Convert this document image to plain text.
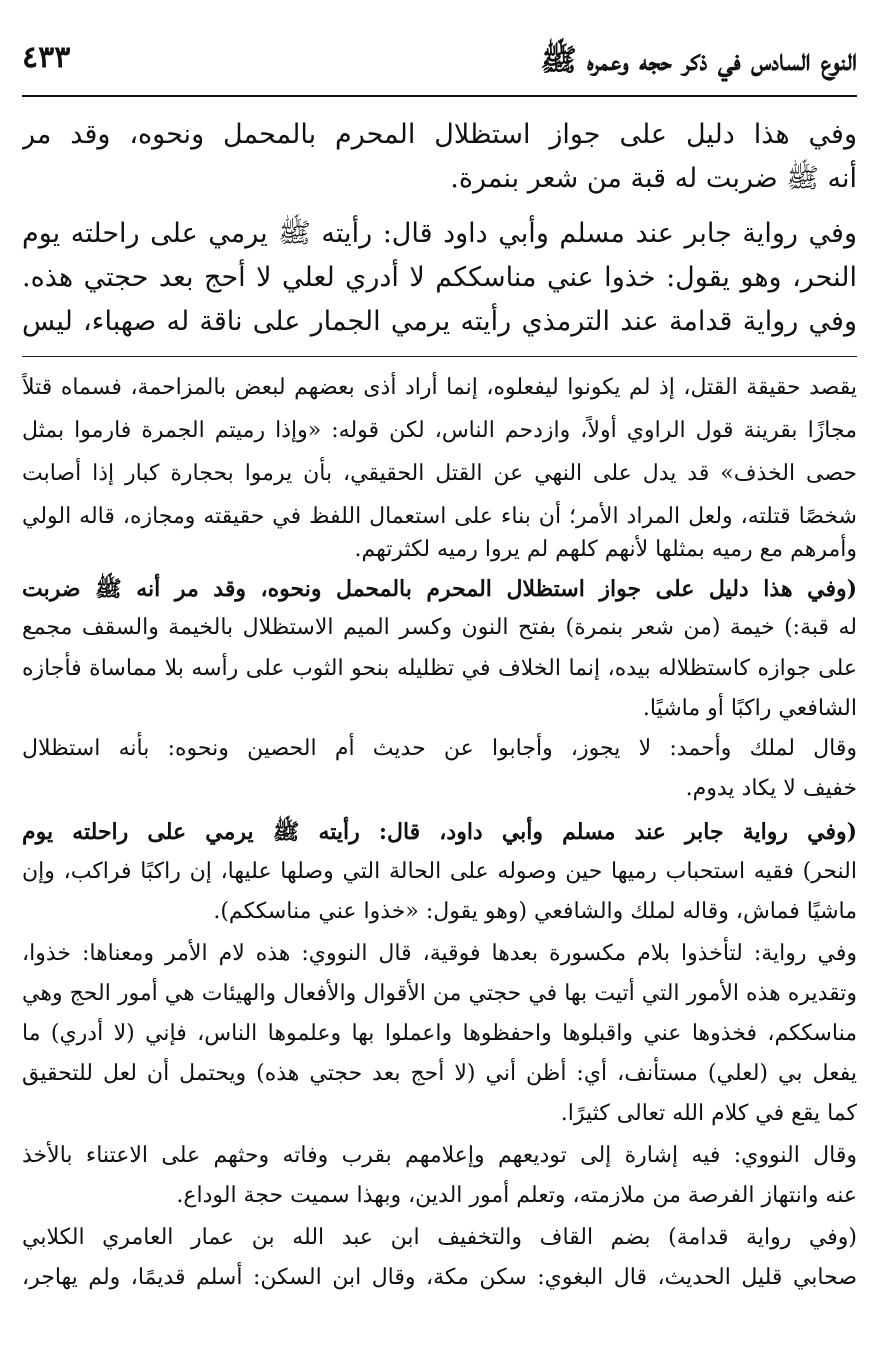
النوع السادس في ذكر حجه وعمره ﷺ
٤٣٣
وفي هذا دليل على جواز استظلال المحرم بالمحمل ونحوه، وقد مر
أنه ﷺ ضربت له قبة من شعر بنمرة.
وفي رواية جابر عند مسلم وأبي داود قال: رأيته ﷺ يرمي على راحلته يوم
النحر، وهو يقول: خذوا عني مناسككم لا أدري لعلي لا أحج بعد حجتي هذه.
وفي رواية قدامة عند الترمذي رأيته يرمي الجمار على ناقة له صهباء، ليس
يقصد حقيقة القتل، إذ لم يكونوا ليفعلوه، إنما أراد أذى بعضهم لبعض بالمزاحمة، فسماه قتلاً
مجازًا بقرينة قول الراوي أولاً، وازدحم الناس، لكن قوله: «وإذا رميتم الجمرة فارموا بمثل
حصى الخذف» قد يدل على النهي عن القتل الحقيقي، بأن يرموا بحجارة كبار إذا أصابت
شخصًا قتلته، ولعل المراد الأمر؛ أن بناء على استعمال اللفظ في حقيقته ومجازه، قاله الولي
وأمرهم مع رميه بمثلها لأنهم كلهم لم يروا رميه لكثرتهم.
(وفي هذا دليل على جواز استظلال المحرم بالمحمل ونحوه، وقد مر أنه ﷺ ضربت
له قبة:) خيمة (من شعر بنمرة) بفتح النون وكسر الميم الاستظلال بالخيمة والسقف مجمع
على جوازه كاستظلاله بيده، إنما الخلاف في تظليله بنحو الثوب على رأسه بلا مماساة فأجازه
الشافعي راكبًا أو ماشيًا.
وقال لملك وأحمد: لا يجوز، وأجابوا عن حديث أم الحصين ونحوه: بأنه استظلال
خفيف لا يكاد يدوم.
(وفي رواية جابر عند مسلم وأبي داود، قال: رأيته ﷺ يرمي على راحلته يوم
النحر) فقيه استحباب رميها حين وصوله على الحالة التي وصلها عليها، إن راكبًا فراكب، وإن
ماشيًا فماش، وقاله لملك والشافعي (وهو يقول: «خذوا عني مناسككم).
وفي رواية: لتأخذوا بلام مكسورة بعدها فوقية، قال النووي: هذه لام الأمر ومعناها: خذوا،
وتقديره هذه الأمور التي أتيت بها في حجتي من الأقوال والأفعال والهيئات هي أمور الحج وهي
مناسككم، فخذوها عني واقبلوها واحفظوها واعملوا بها وعلموها الناس، فإني (لا أدري) ما
يفعل بي (لعلي) مستأنف، أي: أظن أني (لا أحج بعد حجتي هذه) ويحتمل أن لعل للتحقيق
كما يقع في كلام الله تعالى كثيرًا.
وقال النووي: فيه إشارة إلى توديعهم وإعلامهم بقرب وفاته وحثهم على الاعتناء بالأخذ
عنه وانتهاز الفرصة من ملازمته، وتعلم أمور الدين، وبهذا سميت حجة الوداع.
(وفي رواية قدامة) بضم القاف والتخفيف ابن عبد الله بن عمار العامري الكلابي
صحابي قليل الحديث، قال البغوي: سكن مكة، وقال ابن السكن: أسلم قديمًا، ولم يهاجر،
